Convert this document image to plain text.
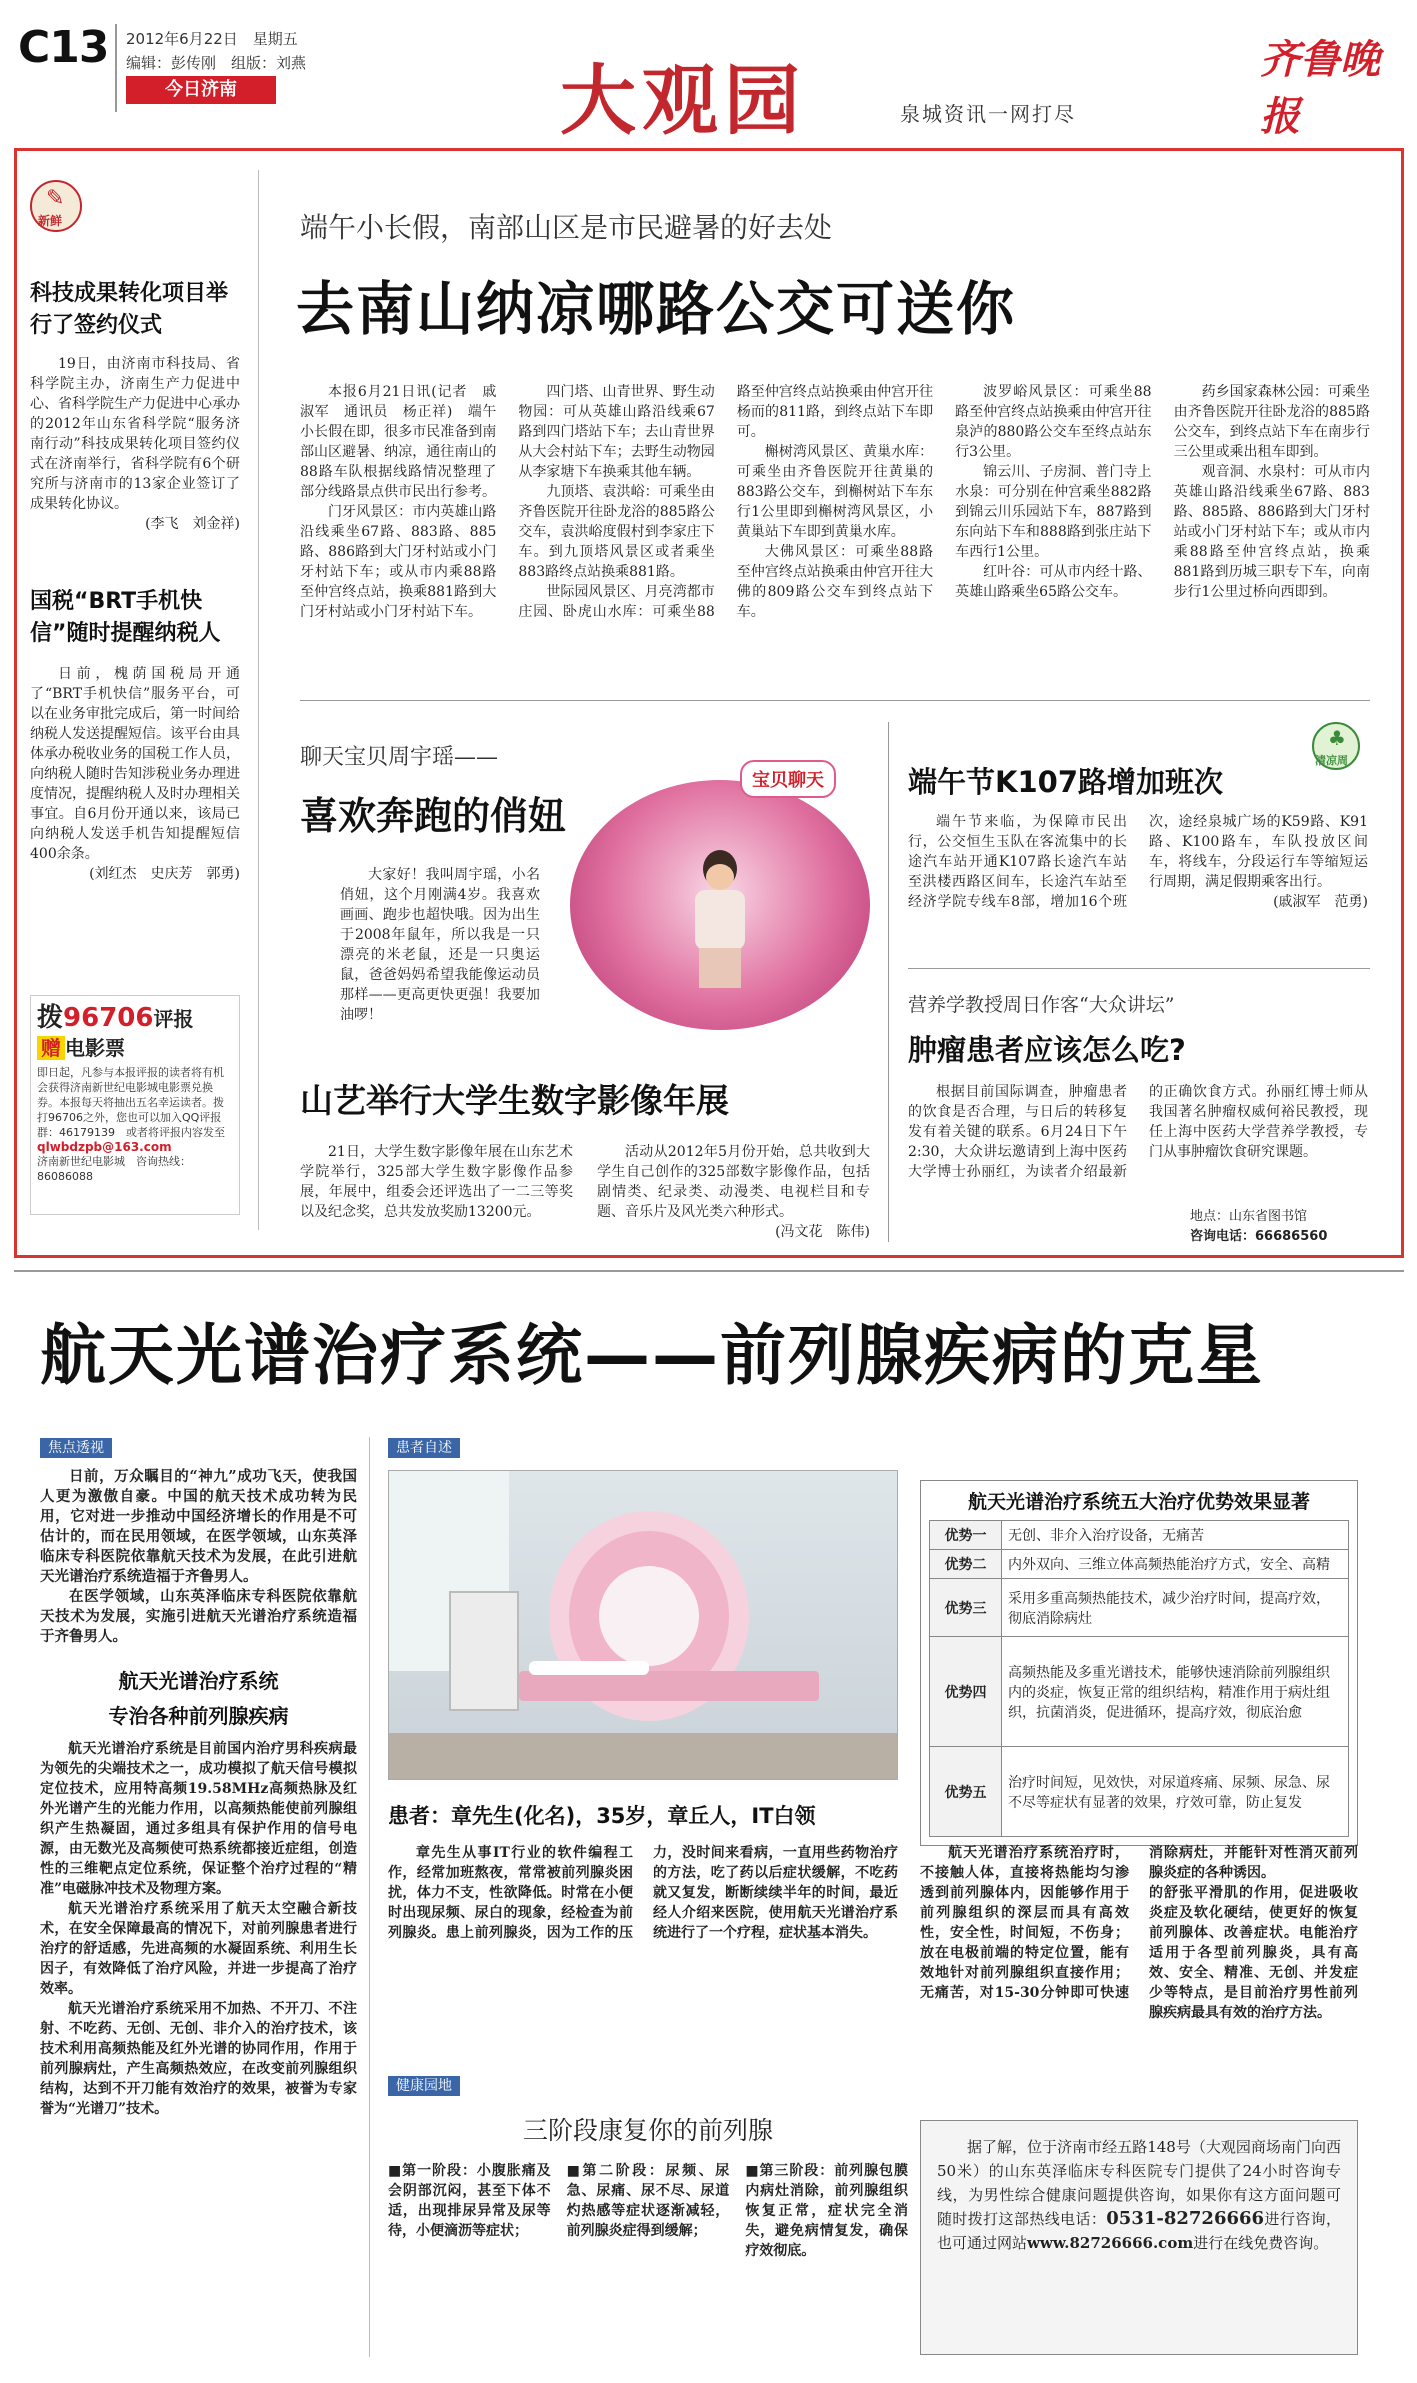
C13 2012年6月22日　星期五
编辑：彭传刚　组版：刘燕
今日济南	大观园	泉城资讯一网打尽
齐鲁晚报
✎
新鲜
科技成果转化项目举行了签约仪式

19日，由济南市科技局、省科学院主办，济南生产力促进中心、省科学院生产力促进中心承办的2012年山东省科学院“服务济南行动”科技成果转化项目签约仪式在济南举行，省科学院有6个研究所与济南市的13家企业签订了成果转化协议。

(李飞　刘金祥)
国税“BRT手机快信”随时提醒纳税人

日前，槐荫国税局开通了“BRT手机快信”服务平台，可以在业务审批完成后，第一时间给纳税人发送提醒短信。该平台由具体承办税收业务的国税工作人员，向纳税人随时告知涉税业务办理进度情况，提醒纳税人及时办理相关事宜。自6月份开通以来，该局已向纳税人发送手机告知提醒短信400余条。

(刘红杰　史庆芳　郭勇)
拨96706评报
赠 电影票
即日起，凡参与本报评报的读者将有机会获得济南新世纪电影城电影票兑换券。本报每天将抽出五名幸运读者。拨打96706之外，您也可以加入QQ评报群：46179139　或者将评报内容发至
qlwbdzpb@163.com
济南新世纪电影城　咨询热线：86086088
端午小长假，南部山区是市民避暑的好去处
去南山纳凉哪路公交可送你

本报6月21日讯(记者　戚淑军　通讯员　杨正祥)　端午小长假在即，很多市民准备到南部山区避暑、纳凉，通往南山的88路车队根据线路情况整理了部分线路景点供市民出行参考。

门牙风景区：市内英雄山路沿线乘坐67路、883路、885路、886路到大门牙村站或小门牙村站下车；或从市内乘88路至仲宫终点站，换乘881路到大门牙村站或小门牙村站下车。

四门塔、山青世界、野生动物园：可从英雄山路沿线乘67路到四门塔站下车；去山青世界从大会村站下车；去野生动物园从李家塘下车换乘其他车辆。

九顶塔、袁洪峪：可乘坐由齐鲁医院开往卧龙浴的885路公交车，袁洪峪度假村到李家庄下车。到九顶塔风景区或者乘坐883路终点站换乘881路。

世际园风景区、月亮湾都市庄园、卧虎山水库：可乘坐88路至仲宫终点站换乘由仲宫开往杨而的811路，到终点站下车即可。

槲树湾风景区、黄巢水库：可乘坐由齐鲁医院开往黄巢的883路公交车，到槲树站下车东行1公里即到槲树湾风景区，小黄巢站下车即到黄巢水库。

大佛风景区：可乘坐88路至仲宫终点站换乘由仲宫开往大佛的809路公交车到终点站下车。

波罗峪风景区：可乘坐88路至仲宫终点站换乘由仲宫开往泉泸的880路公交车至终点站东行3公里。

锦云川、子房洞、普门寺上水泉：可分别在仲宫乘坐882路到锦云川乐园站下车，887路到东向站下车和888路到张庄站下车西行1公里。

红叶谷：可从市内经十路、英雄山路乘坐65路公交车。

药乡国家森林公园：可乘坐由齐鲁医院开往卧龙浴的885路公交车，到终点站下车在南步行三公里或乘出租车即到。

观音洞、水泉村：可从市内英雄山路沿线乘坐67路、883路、885路、886路到大门牙村站或小门牙村站下车；或从市内乘88路至仲宫终点站，换乘881路到历城三职专下车，向南步行1公里过桥向西即到。

聊天宝贝周宇瑶——
喜欢奔跑的俏妞

大家好！我叫周宇瑶，小名俏妞，这个月刚满4岁。我喜欢画画、跑步也超快哦。因为出生于2008年鼠年，所以我是一只漂亮的米老鼠，还是一只奥运鼠，爸爸妈妈希望我能像运动员那样——更高更快更强！我要加油啰！

宝贝聊天
山艺举行大学生数字影像年展

21日，大学生数字影像年展在山东艺术学院举行，325部大学生数字影像作品参展，年展中，组委会还评选出了一二三等奖以及纪念奖，总共发放奖励13200元。

活动从2012年5月份开始，总共收到大学生自己创作的325部数字影像作品，包括剧情类、纪录类、动漫类、电视栏目和专题、音乐片及风光类六种形式。

(冯文花　陈伟)
♣
清凉周
端午节K107路增加班次

端午节来临，为保障市民出行，公交恒生玉队在客流集中的长途汽车站开通K107路长途汽车站至洪楼西路区间车，长途汽车站至经济学院专线车8部，增加16个班次，途经泉城广场的K59路、K91路、K100路车，车队投放区间车，将线车，分段运行车等缩短运行周期，满足假期乘客出行。

(戚淑军　范勇)
营养学教授周日作客“大众讲坛”
肿瘤患者应该怎么吃?

根据目前国际调查，肿瘤患者的饮食是否合理，与日后的转移复发有着关键的联系。6月24日下午2:30，大众讲坛邀请到上海中医药大学博士孙丽红，为读者介绍最新的正确饮食方式。孙丽红博士师从我国著名肿瘤权威何裕民教授，现任上海中医药大学营养学教授，专门从事肿瘤饮食研究课题。

地点：山东省图书馆
咨询电话：66686560
航天光谱治疗系统——前列腺疾病的克星
焦点透视

日前，万众瞩目的“神九”成功飞天，使我国人更为激傲自豪。中国的航天技术成功转为民用，它对进一步推动中国经济增长的作用是不可估计的，而在民用领域，在医学领域，山东英泽临床专科医院依靠航天技术为发展，在此引进航天光谱治疗系统造福于齐鲁男人。

在医学领域，山东英泽临床专科医院依靠航天技术为发展，实施引进航天光谱治疗系统造福于齐鲁男人。

航天光谱治疗系统
专治各种前列腺疾病

航天光谱治疗系统是目前国内治疗男科疾病最为领先的尖端技术之一，成功模拟了航天信号模拟定位技术，应用特高频19.58MHz高频热脉及红外光谱产生的光能力作用，以高频热能使前列腺组织产生热凝固，通过多组具有保护作用的信号电源，由无数光及高频使可热系统都接近症组，创造性的三维靶点定位系统，保证整个治疗过程的“精准”电磁脉冲技术及物理方案。

航天光谱治疗系统采用了航天太空融合新技术，在安全保障最高的情况下，对前列腺患者进行治疗的舒适感，先进高频的水凝固系统、利用生长因子，有效降低了治疗风险，并进一步提高了治疗效率。

航天光谱治疗系统采用不加热、不开刀、不注射、不吃药、无创、无创、非介入的治疗技术，该技术利用高频热能及红外光谱的协同作用，作用于前列腺病灶，产生高频热效应，在改变前列腺组织结构，达到不开刀能有效治疗的效果，被誉为专家誉为“光谱刀”技术。

患者自述
患者：章先生(化名)，35岁，章丘人，IT白领

章先生从事IT行业的软件编程工作，经常加班熬夜，常常被前列腺炎困扰，体力不支，性欲降低。时常在小便时出现尿频、尿白的现象，经检查为前列腺炎。患上前列腺炎，因为工作的压力，没时间来看病，一直用些药物治疗的方法，吃了药以后症状缓解，不吃药就又复发，断断续续半年的时间，最近经人介绍来医院，使用航天光谱治疗系统进行了一个疗程，症状基本消失。

航天光谱治疗系统五大治疗优势效果显著
优势一	无创、非介入治疗设备，无痛苦
优势二	内外双向、三维立体高频热能治疗方式，安全、高精
优势三	采用多重高频热能技术，减少治疗时间，提高疗效，彻底消除病灶
优势四	高频热能及多重光谱技术，能够快速消除前列腺组织内的炎症，恢复正常的组织结构，精准作用于病灶组织，抗菌消炎，促进循环，提高疗效，彻底治愈
优势五	治疗时间短，见效快，对尿道疼痛、尿频、尿急、尿不尽等症状有显著的效果，疗效可靠，防止复发

航天光谱治疗系统治疗时，不接触人体，直接将热能均匀渗透到前列腺体内，因能够作用于前列腺组织的深层而具有高效性，安全性，时间短，不伤身；放在电极前端的特定位置，能有效地针对前列腺组织直接作用；无痛苦，对15-30分钟即可快速消除病灶，并能针对性消灭前列腺炎症的各种诱因。

的舒张平滑肌的作用，促进吸收炎症及软化硬结，使更好的恢复前列腺体、改善症状。电能治疗适用于各型前列腺炎，具有高效、安全、精准、无创、并发症少等特点，是目前治疗男性前列腺疾病最具有效的治疗方法。

健康园地
三阶段康复你的前列腺

■第一阶段：小腹胀痛及会阴部沉闷，甚至下体不适，出现排尿异常及尿等待，小便滴沥等症状；

■第二阶段：尿频、尿急、尿痛、尿不尽、尿道灼热感等症状逐渐减轻，前列腺炎症得到缓解；

■第三阶段：前列腺包膜内病灶消除，前列腺组织恢复正常，症状完全消失，避免病情复发，确保疗效彻底。

据了解，位于济南市经五路148号（大观园商场南门向西50米）的山东英泽临床专科医院专门提供了24小时咨询专线，为男性综合健康问题提供咨询，如果你有这方面问题可随时拨打这部热线电话：0531-82726666进行咨询，也可通过网站www.82726666.com进行在线免费咨询。
